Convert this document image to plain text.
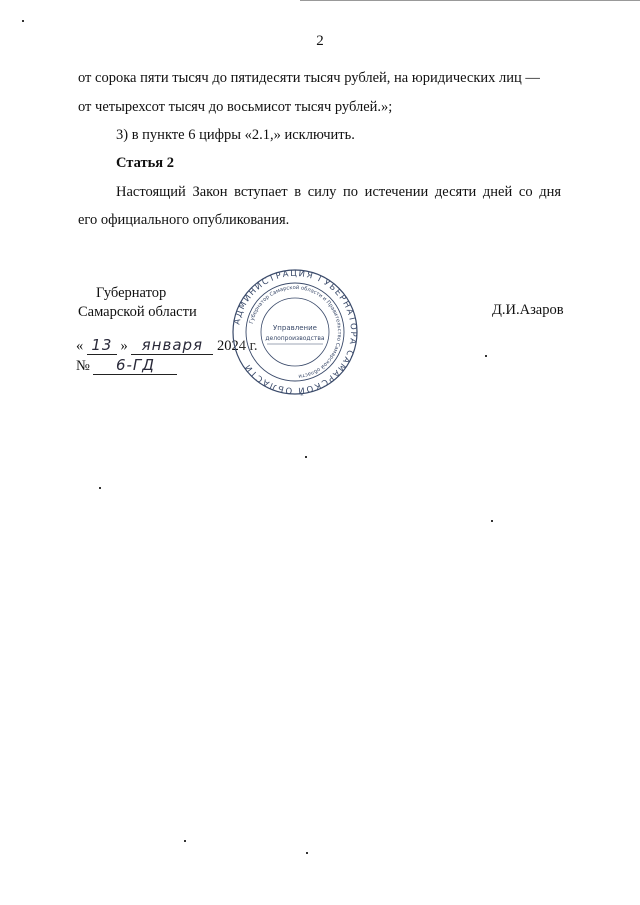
2
от сорока пяти тысяч до пятидесяти тысяч рублей, на юридических лиц —
от четырехсот тысяч до восьмисот тысяч рублей.»;
3) в пункте 6 цифры «2.1,» исключить.
Статья 2
Настоящий Закон вступает в силу по истечении десяти дней со дня
его официального опубликования.
Губернатор
Самарской области	Д.И.Азаров
« 13 » января 2024 г.
№ 6-ГД
АДМИНИСТРАЦИЯ ГУБЕРНАТОРА САМАРСКОЙ ОБЛАСТИ
Губернатор Самарской области и Правительство Самарской области
Управление
делопроизводства
